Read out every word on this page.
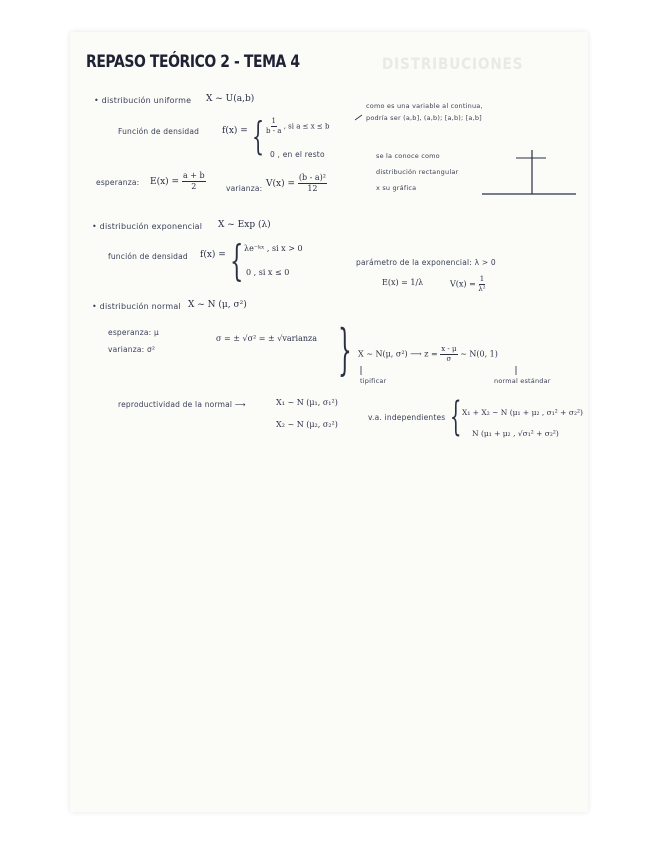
REPASO TEÓRICO 2 - TEMA 4	DISTRIBUCIONES
• distribución uniforme X ~ U(a,b)
como es una variable al continua,
podría ser (a,b], (a,b); [a,b); [a,b]
Función de densidad	f(x) = { $\frac{1}{b - a}$ , si a ≤ x ≤ b
0 , en el resto	se la conoce como
distribución rectangular
x su gráfica
esperanza: $E(x) = \frac{a + b}{2}$	varianza: $V(x) = \frac{\text{(b - a)²}}{12}$
• distribución exponencial X ~ Exp (λ)
función de densidad f(x) = { λe⁻ᵏˣ , si x > 0
0 , si x ≤ 0
parámetro de la exponencial: λ > 0
E(x) = 1/λ	$V(x) = \frac{1}{\text{λ²}}$
• distribución normal X ~ N (μ, σ²)
esperanza: μ
varianza: σ²
σ = ± √σ² = ± √varianza } X ~ N(μ, σ²) ⟶ $z = \frac{x - \mu}{\sigma}$ ~ N(0, 1)
tipificar	normal estándar
reproductividad de la normal ⟶	X₁ ~ N (μ₁, σ₁²)
X₂ ~ N (μ₂, σ₂²)
v.a. independientes { X₁ + X₂ ~ N (μ₁ + μ₂ , σ₁² + σ₂²)
N (μ₁ + μ₂ , √σ₁² + σ₂²)
